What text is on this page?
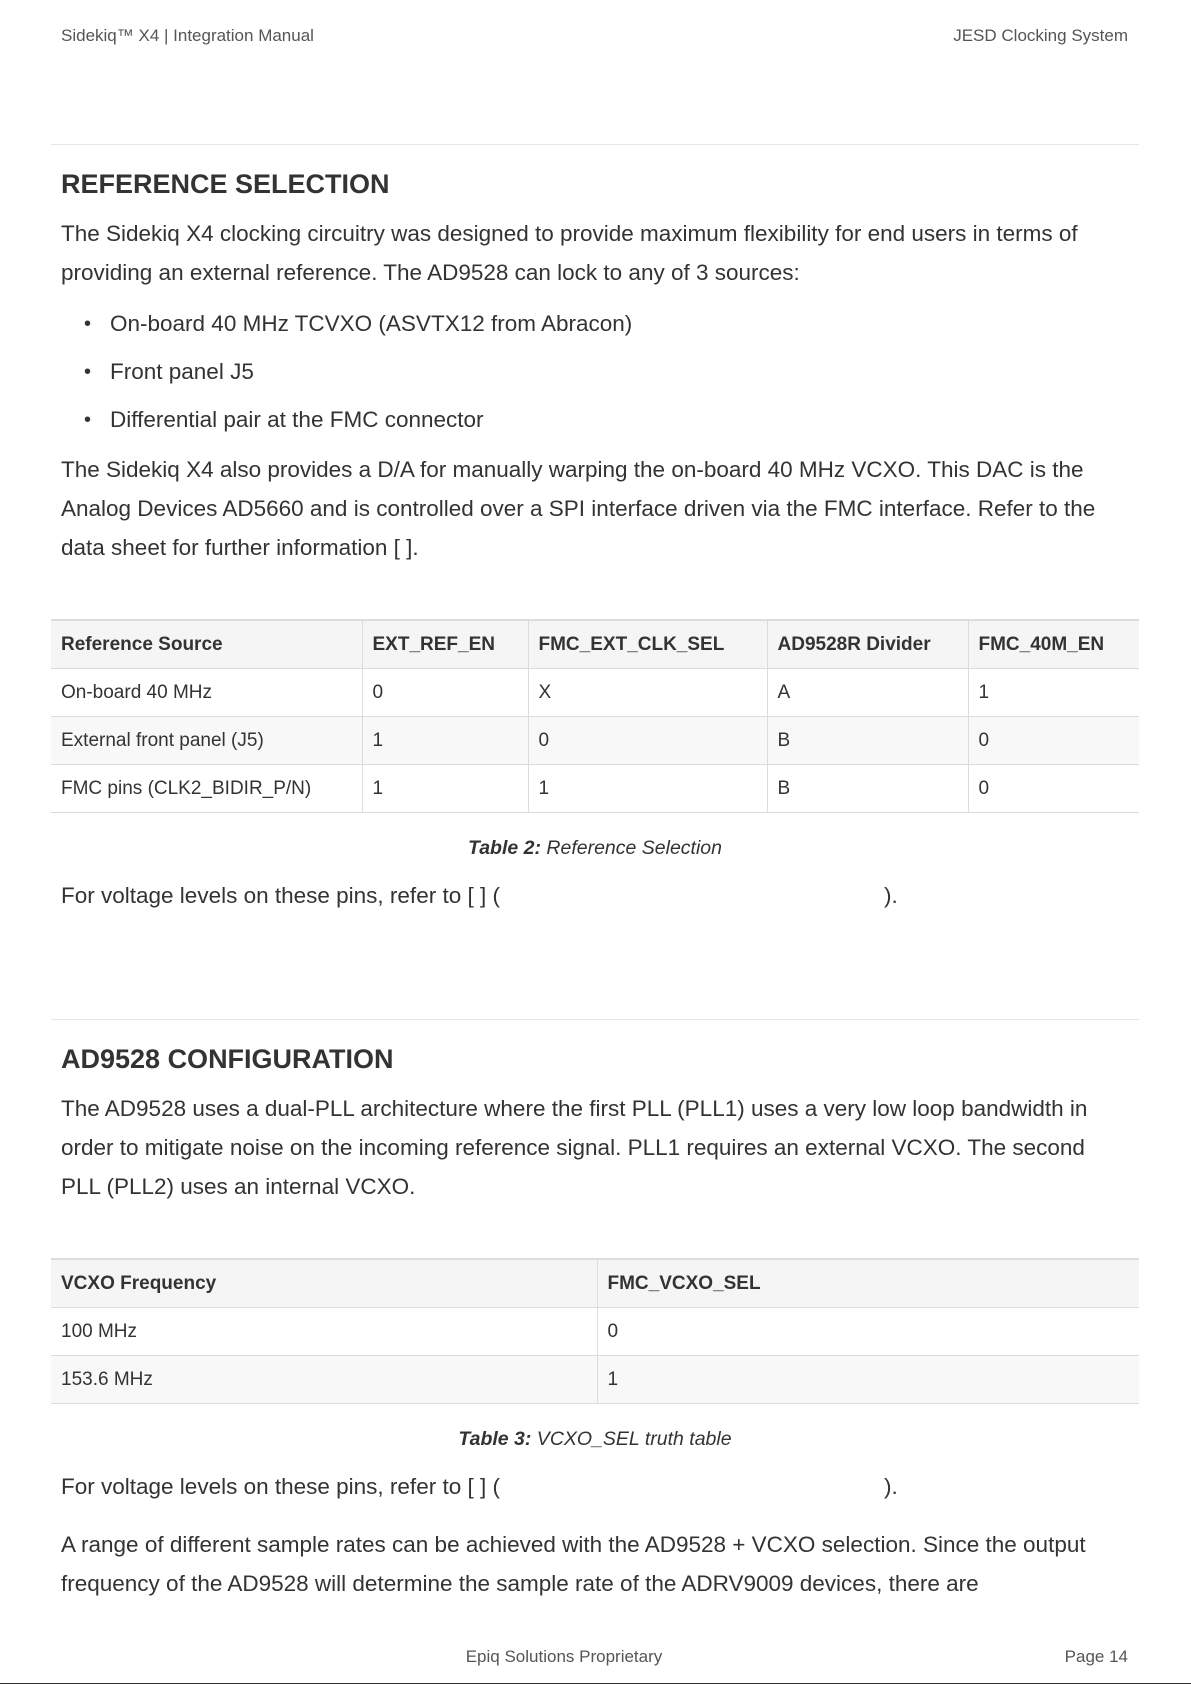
Sidekiq™ X4 | Integration Manual	JESD Clocking System
REFERENCE SELECTION

The Sidekiq X4 clocking circuitry was designed to provide maximum flexibility for end users in terms of providing an external reference. The AD9528 can lock to any of 3 sources:

• On-board 40 MHz TCVXO (ASVTX12 from Abracon)
• Front panel J5
• Differential pair at the FMC connector

The Sidekiq X4 also provides a D/A for manually warping the on-board 40 MHz VCXO. This DAC is the Analog Devices AD5660 and is controlled over a SPI interface driven via the FMC interface. Refer to the data sheet for further information [ ].

Reference Source	EXT_REF_EN	FMC_EXT_CLK_SEL	AD9528R Divider	FMC_40M_EN
On-board 40 MHz	0	X	A	1
External front panel (J5)	1	0	B	0
FMC pins (CLK2_BIDIR_P/N)	1	1	B	0
Table 2: Reference Selection

For voltage levels on these pins, refer to [ ] (	).

AD9528 CONFIGURATION

The AD9528 uses a dual-PLL architecture where the first PLL (PLL1) uses a very low loop bandwidth in order to mitigate noise on the incoming reference signal. PLL1 requires an external VCXO. The second PLL (PLL2) uses an internal VCXO.

VCXO Frequency	FMC_VCXO_SEL
100 MHz	0
153.6 MHz	1
Table 3: VCXO_SEL truth table

For voltage levels on these pins, refer to [ ] (	).

A range of different sample rates can be achieved with the AD9528 + VCXO selection. Since the output frequency of the AD9528 will determine the sample rate of the ADRV9009 devices, there are

Epiq Solutions Proprietary	Page 14
